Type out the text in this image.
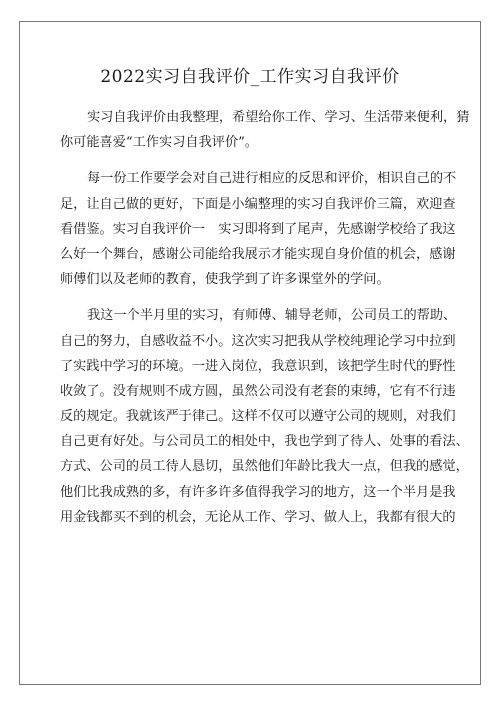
2022实习自我评价_工作实习自我评价
实习自我评价由我整理，希望给你工作、学习、生活带来便利，猜
你可能喜爱“工作实习自我评价”。
每一份工作要学会对自己进行相应的反思和评价，相识自己的不
足，让自己做的更好，下面是小编整理的实习自我评价三篇，欢迎查
看借鉴。实习自我评价一　实习即将到了尾声，先感谢学校给了我这
么好一个舞台，感谢公司能给我展示才能实现自身价值的机会，感谢
师傅们以及老师的教育，使我学到了许多课堂外的学问。
我这一个半月里的实习，有师傅、辅导老师，公司员工的帮助、
自己的努力，自感收益不小。这次实习把我从学校纯理论学习中拉到
了实践中学习的环境。一进入岗位，我意识到，该把学生时代的野性
收敛了。没有规则不成方圆，虽然公司没有老套的束缚，它有不行违
反的规定。我就该严于律己。这样不仅可以遵守公司的规则，对我们
自己更有好处。与公司员工的相处中，我也学到了待人、处事的看法、
方式、公司的员工待人恳切，虽然他们年龄比我大一点，但我的感觉，
他们比我成熟的多，有许多许多值得我学习的地方，这一个半月是我
用金钱都买不到的机会，无论从工作、学习、做人上，我都有很大的
